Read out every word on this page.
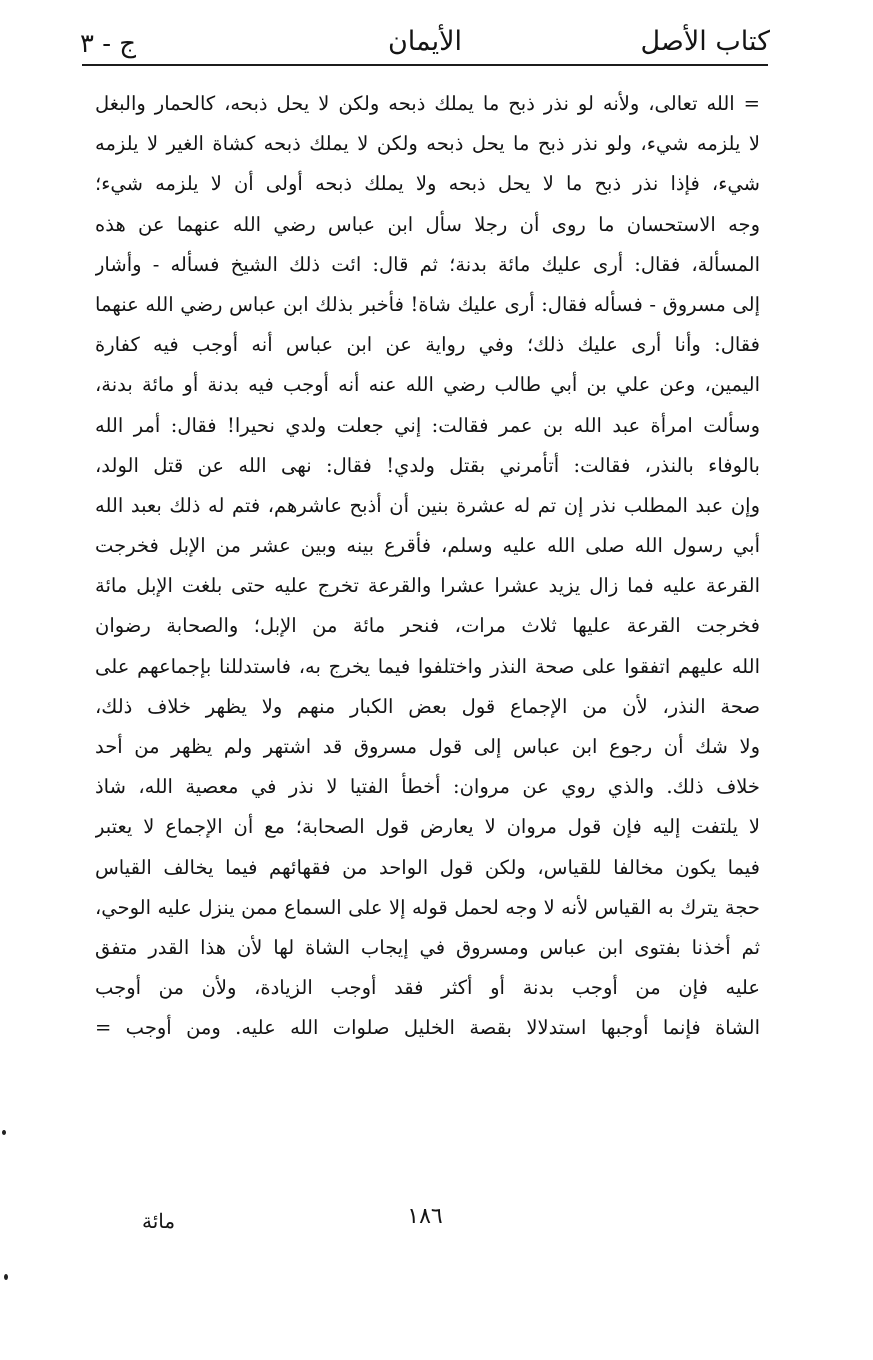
كتاب الأصل
الأيمان
ج - ٣
= الله تعالى، ولأنه لو نذر ذبح ما يملك ذبحه ولكن لا يحل ذبحه، كالحمار والبغل
لا يلزمه شيء، ولو نذر ذبح ما يحل ذبحه ولكن لا يملك ذبحه كشاة الغير لا يلزمه
شيء، فإذا نذر ذبح ما لا يحل ذبحه ولا يملك ذبحه أولى أن لا يلزمه شيء؛
وجه الاستحسان ما روى أن رجلا سأل ابن عباس رضي الله عنهما عن هذه
المسألة، فقال: أرى عليك مائة بدنة؛ ثم قال: ائت ذلك الشيخ فسأله - وأشار
إلى مسروق - فسأله فقال: أرى عليك شاة! فأخبر بذلك ابن عباس رضي الله عنهما
فقال: وأنا أرى عليك ذلك؛ وفي رواية عن ابن عباس أنه أوجب فيه كفارة
اليمين، وعن علي بن أبي طالب رضي الله عنه أنه أوجب فيه بدنة أو مائة بدنة،
وسألت امرأة عبد الله بن عمر فقالت: إني جعلت ولدي نحيرا! فقال: أمر الله
بالوفاء بالنذر، فقالت: أتأمرني بقتل ولدي! فقال: نهى الله عن قتل الولد،
وإن عبد المطلب نذر إن تم له عشرة بنين أن أذبح عاشرهم، فتم له ذلك بعبد الله
أبي رسول الله صلى الله عليه وسلم، فأقرع بينه وبين عشر من الإبل فخرجت
القرعة عليه فما زال يزيد عشرا عشرا والقرعة تخرج عليه حتى بلغت الإبل مائة
فخرجت القرعة عليها ثلاث مرات، فنحر مائة من الإبل؛ والصحابة رضوان
الله عليهم اتفقوا على صحة النذر واختلفوا فيما يخرج به، فاستدللنا بإجماعهم على
صحة النذر، لأن من الإجماع قول بعض الكبار منهم ولا يظهر خلاف ذلك،
ولا شك أن رجوع ابن عباس إلى قول مسروق قد اشتهر ولم يظهر من أحد
خلاف ذلك. والذي روي عن مروان: أخطأ الفتيا لا نذر في معصية الله، شاذ
لا يلتفت إليه فإن قول مروان لا يعارض قول الصحابة؛ مع أن الإجماع لا يعتبر
فيما يكون مخالفا للقياس، ولكن قول الواحد من فقهائهم فيما يخالف القياس
حجة يترك به القياس لأنه لا وجه لحمل قوله إلا على السماع ممن ينزل عليه الوحي،
ثم أخذنا بفتوى ابن عباس ومسروق في إيجاب الشاة لها لأن هذا القدر متفق
عليه فإن من أوجب بدنة أو أكثر فقد أوجب الزيادة، ولأن من أوجب
الشاة فإنما أوجبها استدلالا بقصة الخليل صلوات الله عليه. ومن أوجب =
١٨٦
مائة
